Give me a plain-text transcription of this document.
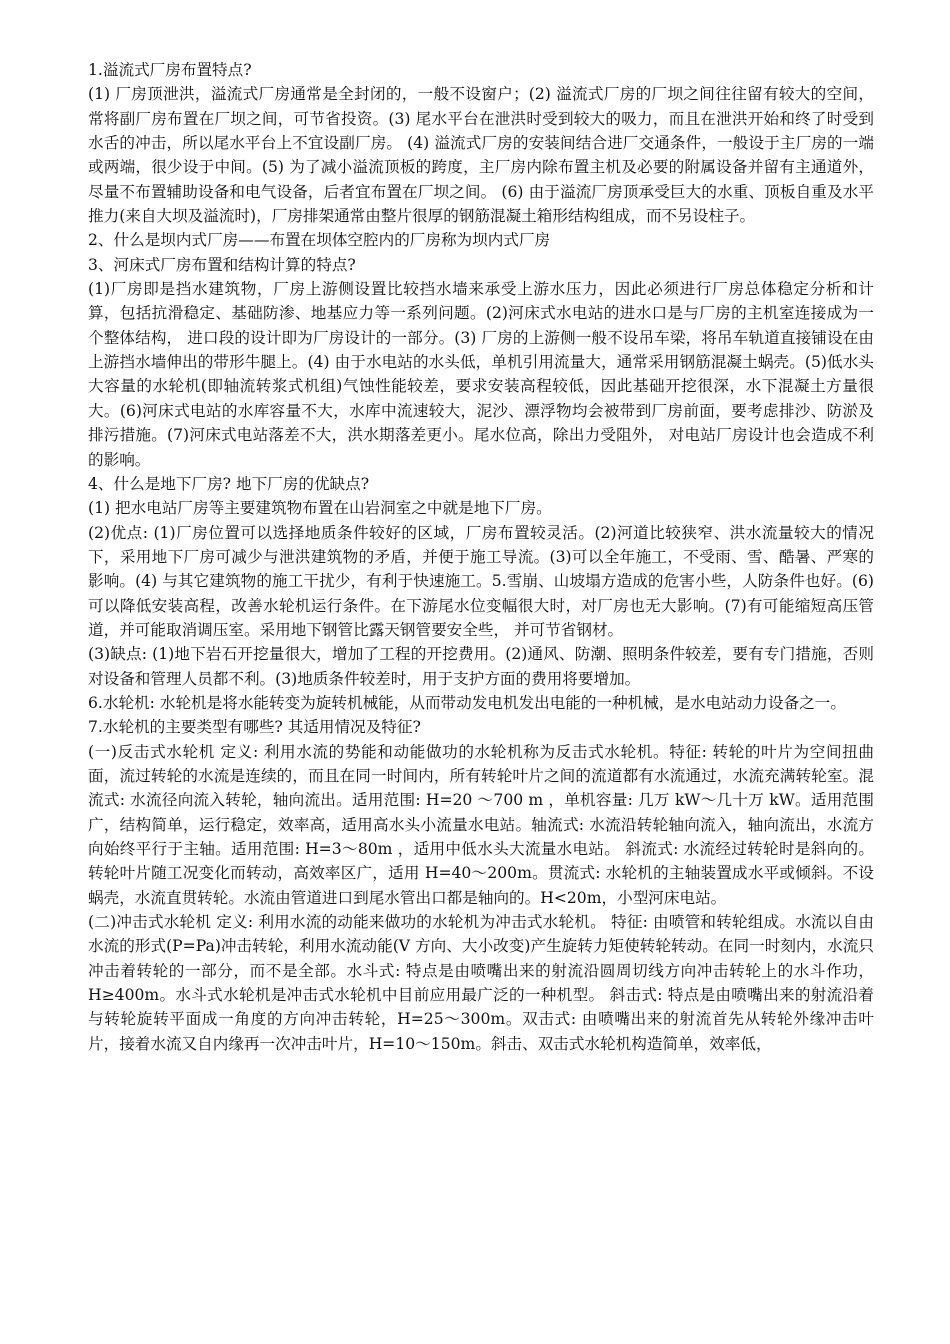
1.溢流式厂房布置特点?

(1) 厂房顶泄洪，溢流式厂房通常是全封闭的，一般不设窗户；(2) 溢流式厂房的厂坝之间往往留有较大的空间，常将副厂房布置在厂坝之间，可节省投资。(3) 尾水平台在泄洪时受到较大的吸力，而且在泄洪开始和终了时受到水舌的冲击，所以尾水平台上不宜设副厂房。 (4) 溢流式厂房的安装间结合进厂交通条件，一般设于主厂房的一端或两端，很少设于中间。(5) 为了减小溢流顶板的跨度，主厂房内除布置主机及必要的附属设备并留有主通道外，尽量不布置辅助设备和电气设备，后者宜布置在厂坝之间。 (6) 由于溢流厂房顶承受巨大的水重、顶板自重及水平推力(来自大坝及溢流时)，厂房排架通常由整片很厚的钢筋混凝土箱形结构组成，而不另设柱子。

2、什么是坝内式厂房——布置在坝体空腔内的厂房称为坝内式厂房

3、河床式厂房布置和结构计算的特点?

(1)厂房即是挡水建筑物，厂房上游侧设置比较挡水墙来承受上游水压力，因此必须进行厂房总体稳定分析和计算，包括抗滑稳定、基础防渗、地基应力等一系列问题。(2)河床式水电站的进水口是与厂房的主机室连接成为一个整体结构， 进口段的设计即为厂房设计的一部分。(3) 厂房的上游侧一般不设吊车梁，将吊车轨道直接铺设在由上游挡水墙伸出的带形牛腿上。(4) 由于水电站的水头低，单机引用流量大，通常采用钢筋混凝土蜗壳。(5)低水头大容量的水轮机(即轴流转浆式机组)气蚀性能较差，要求安装高程较低，因此基础开挖很深，水下混凝土方量很大。(6)河床式电站的水库容量不大，水库中流速较大，泥沙、漂浮物均会被带到厂房前面，要考虑排沙、防淤及排污措施。(7)河床式电站落差不大，洪水期落差更小。尾水位高，除出力受阻外， 对电站厂房设计也会造成不利的影响。

4、什么是地下厂房? 地下厂房的优缺点?

(1) 把水电站厂房等主要建筑物布置在山岩洞室之中就是地下厂房。

(2)优点: (1)厂房位置可以选择地质条件较好的区域，厂房布置较灵活。(2)河道比较狭窄、洪水流量较大的情况下，采用地下厂房可减少与泄洪建筑物的矛盾，并便于施工导流。(3)可以全年施工，不受雨、雪、酷暑、严寒的影响。(4) 与其它建筑物的施工干扰少，有利于快速施工。5.雪崩、山坡塌方造成的危害小些，人防条件也好。(6)可以降低安装高程，改善水轮机运行条件。在下游尾水位变幅很大时，对厂房也无大影响。(7)有可能缩短高压管道，并可能取消调压室。采用地下钢管比露天钢管要安全些， 并可节省钢材。

(3)缺点: (1)地下岩石开挖量很大，增加了工程的开挖费用。(2)通风、防潮、照明条件较差，要有专门措施，否则对设备和管理人员都不利。(3)地质条件较差时，用于支护方面的费用将要增加。

6.水轮机: 水轮机是将水能转变为旋转机械能，从而带动发电机发出电能的一种机械，是水电站动力设备之一。

7.水轮机的主要类型有哪些? 其适用情况及特征?

(一)反击式水轮机 定义: 利用水流的势能和动能做功的水轮机称为反击式水轮机。特征: 转轮的叶片为空间扭曲面，流过转轮的水流是连续的，而且在同一时间内，所有转轮叶片之间的流道都有水流通过，水流充满转轮室。混流式: 水流径向流入转轮，轴向流出。适用范围: H=20 ～700 m ，单机容量: 几万 kW～几十万 kW。适用范围广，结构简单，运行稳定，效率高，适用高水头小流量水电站。轴流式: 水流沿转轮轴向流入，轴向流出，水流方向始终平行于主轴。适用范围: H=3～80m ，适用中低水头大流量水电站。 斜流式: 水流经过转轮时是斜向的。转轮叶片随工况变化而转动，高效率区广，适用 H=40～200m。贯流式: 水轮机的主轴装置成水平或倾斜。不设蜗壳，水流直贯转轮。水流由管道进口到尾水管出口都是轴向的。H<20m，小型河床电站。

(二)冲击式水轮机 定义: 利用水流的动能来做功的水轮机为冲击式水轮机。 特征: 由喷管和转轮组成。水流以自由水流的形式(P=Pa)冲击转轮，利用水流动能(V 方向、大小改变)产生旋转力矩使转轮转动。在同一时刻内，水流只冲击着转轮的一部分，而不是全部。水斗式: 特点是由喷嘴出来的射流沿圆周切线方向冲击转轮上的水斗作功，H≥400m。水斗式水轮机是冲击式水轮机中目前应用最广泛的一种机型。 斜击式: 特点是由喷嘴出来的射流沿着与转轮旋转平面成一角度的方向冲击转轮，H=25～300m。双击式: 由喷嘴出来的射流首先从转轮外缘冲击叶片，接着水流又自内缘再一次冲击叶片，H=10～150m。斜击、双击式水轮机构造简单，效率低，
